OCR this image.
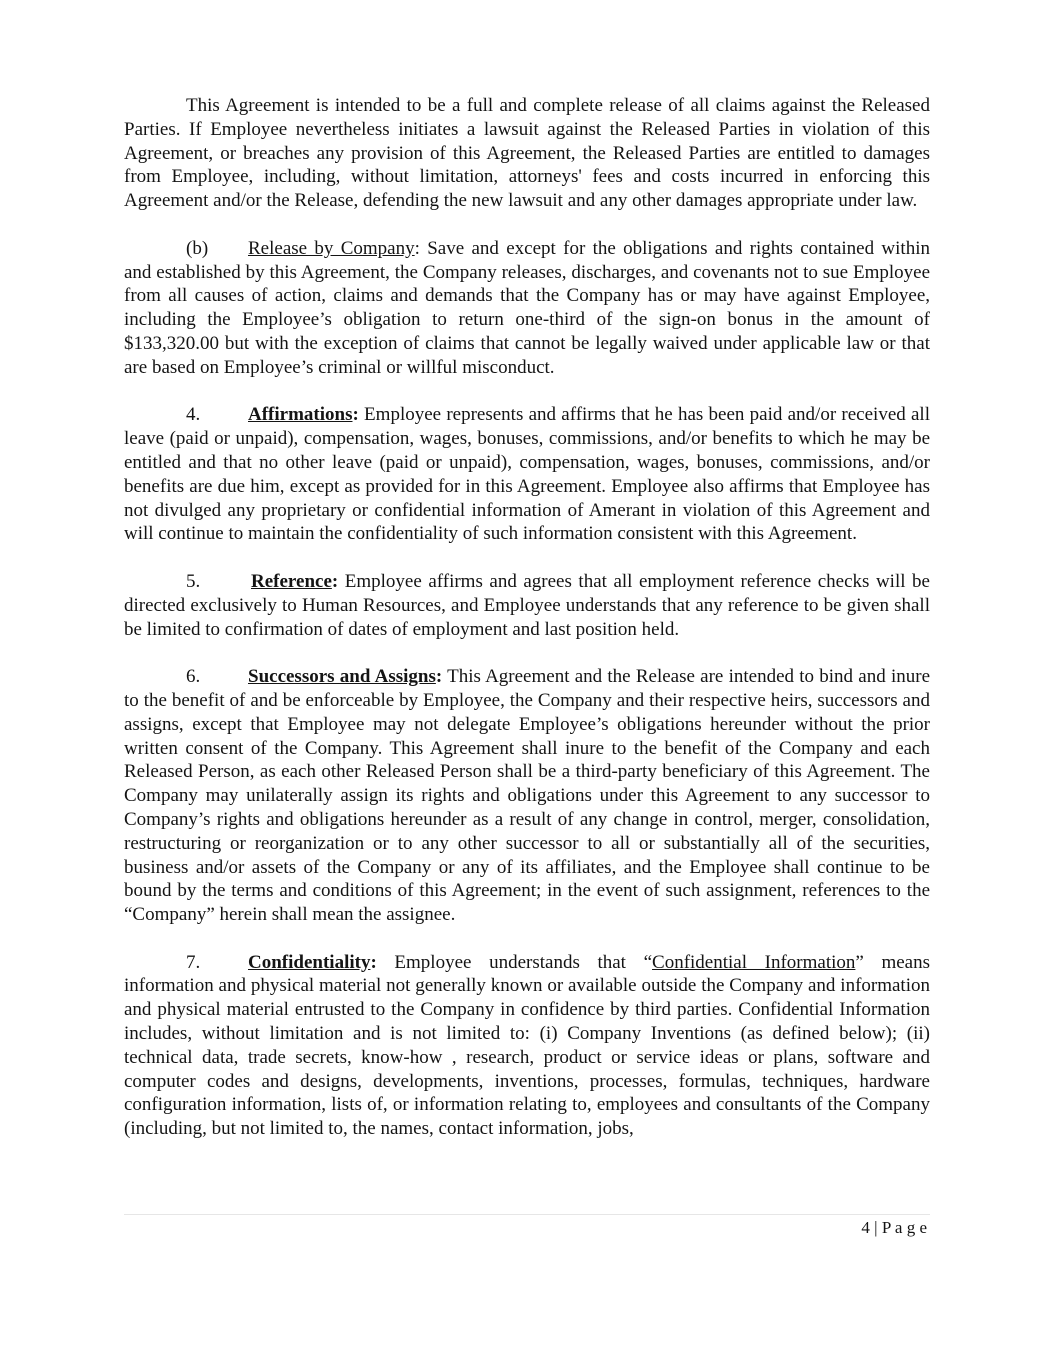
This Agreement is intended to be a full and complete release of all claims against the Released Parties. If Employee nevertheless initiates a lawsuit against the Released Parties in violation of this Agreement, or breaches any provision of this Agreement, the Released Parties are entitled to damages from Employee, including, without limitation, attorneys' fees and costs incurred in enforcing this Agreement and/or the Release, defending the new lawsuit and any other damages appropriate under law.

(b) Release by Company: Save and except for the obligations and rights contained within and established by this Agreement, the Company releases, discharges, and covenants not to sue Employee from all causes of action, claims and demands that the Company has or may have against Employee, including the Employee’s obligation to return one-third of the sign-on bonus in the amount of $133,320.00 but with the exception of claims that cannot be legally waived under applicable law or that are based on Employee’s criminal or willful misconduct.

4.	Affirmations: Employee represents and affirms that he has been paid and/or received all leave (paid or unpaid), compensation, wages, bonuses, commissions, and/or benefits to which he may be entitled and that no other leave (paid or unpaid), compensation, wages, bonuses, commissions, and/or benefits are due him, except as provided for in this Agreement. Employee also affirms that Employee has not divulged any proprietary or confidential information of Amerant in violation of this Agreement and will continue to maintain the confidentiality of such information consistent with this Agreement.

5.	Reference: Employee affirms and agrees that all employment reference checks will be directed exclusively to Human Resources, and Employee understands that any reference to be given shall be limited to confirmation of dates of employment and last position held.

6.	Successors and Assigns: This Agreement and the Release are intended to bind and inure to the benefit of and be enforceable by Employee, the Company and their respective heirs, successors and assigns, except that Employee may not delegate Employee’s obligations hereunder without the prior written consent of the Company. This Agreement shall inure to the benefit of the Company and each Released Person, as each other Released Person shall be a third-party beneficiary of this Agreement. The Company may unilaterally assign its rights and obligations under this Agreement to any successor to Company’s rights and obligations hereunder as a result of any change in control, merger, consolidation, restructuring or reorganization or to any other successor to all or substantially all of the securities, business and/or assets of the Company or any of its affiliates, and the Employee shall continue to be bound by the terms and conditions of this Agreement; in the event of such assignment, references to the “Company” herein shall mean the assignee.

7.	Confidentiality: Employee understands that “Confidential Information” means information and physical material not generally known or available outside the Company and information and physical material entrusted to the Company in confidence by third parties. Confidential Information includes, without limitation and is not limited to: (i) Company Inventions (as defined below); (ii) technical data, trade secrets, know-how , research, product or service ideas or plans, software and computer codes and designs, developments, inventions, processes, formulas, techniques, hardware configuration information, lists of, or information relating to, employees and consultants of the Company (including, but not limited to, the names, contact information, jobs,

4 | P a g e
